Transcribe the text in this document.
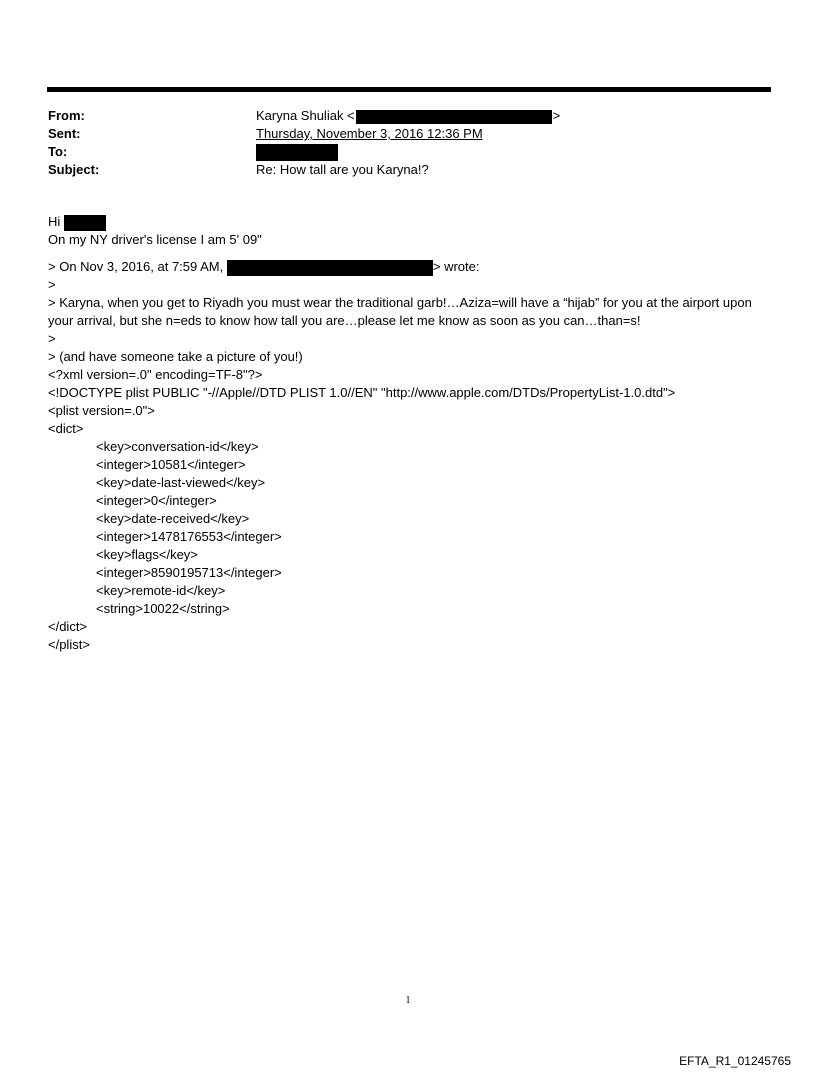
From:	Karyna Shuliak <	>
Sent:	Thursday, November 3, 2016 12:36 PM
To:
Subject:	Re: How tall are you Karyna!?
Hi
On my NY driver's license I am 5' 09"
> On Nov 3, 2016, at 7:59 AM,	> wrote:
>
> Karyna, when you get to Riyadh you must wear the traditional garb!…Aziza=will have a “hijab” for you at the airport upon your arrival, but she n=eds to know how tall you are…please let me know as soon as you can…than=s!
>
> (and have someone take a picture of you!)
<?xml version=.0" encoding=TF-8"?>
<!DOCTYPE plist PUBLIC "-//Apple//DTD PLIST 1.0//EN" "http://www.apple.com/DTDs/PropertyList-1.0.dtd">
<plist version=.0">
<dict>
<key>conversation-id</key>
<integer>10581</integer>
<key>date-last-viewed</key>
<integer>0</integer>
<key>date-received</key>
<integer>1478176553</integer>
<key>flags</key>
<integer>8590195713</integer>
<key>remote-id</key>
<string>10022</string>
</dict>
</plist>
1
EFTA_R1_01245765
